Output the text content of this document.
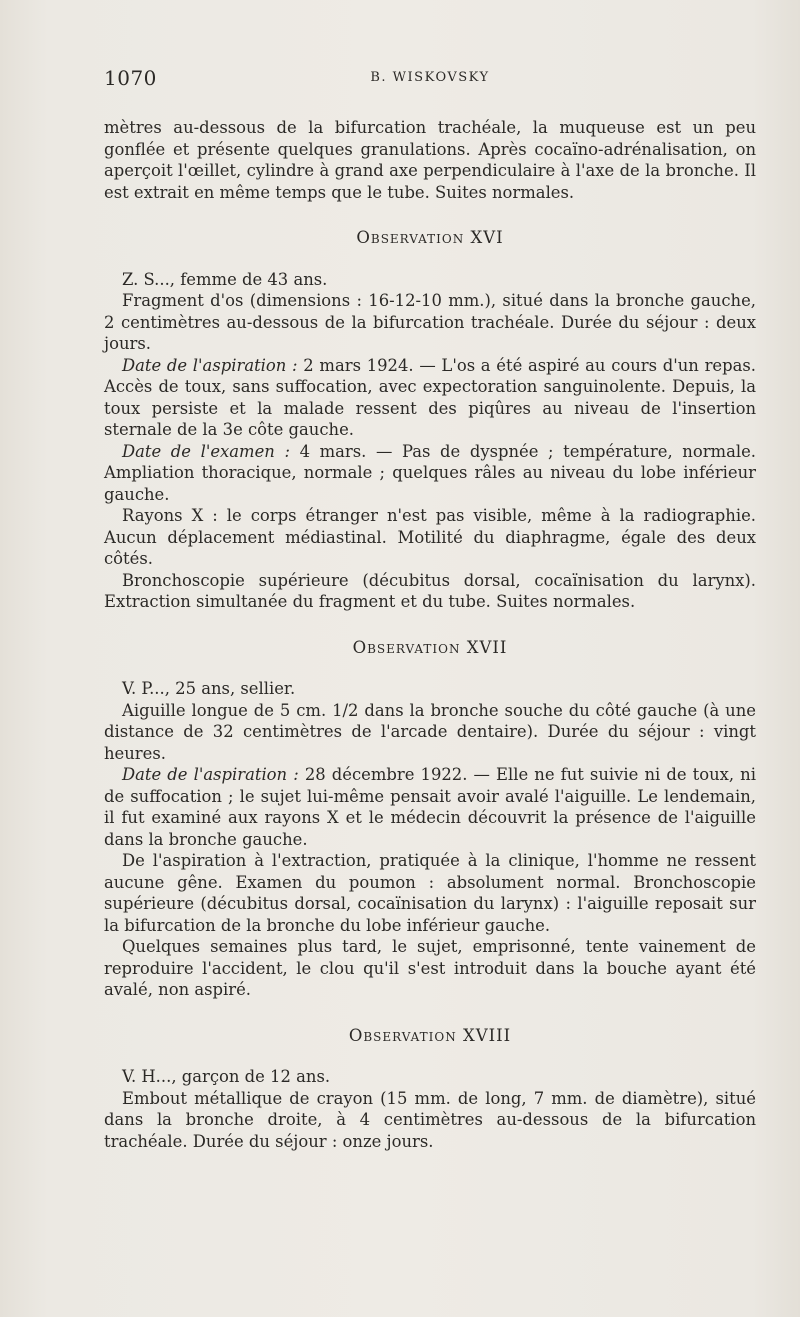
1070	B. WISKOVSKY

mètres au-dessous de la bifurcation trachéale, la muqueuse est un peu gonflée et présente quelques granulations. Après cocaïno-adrénalisation, on aperçoit l'œillet, cylindre à grand axe perpendiculaire à l'axe de la bronche. Il est extrait en même temps que le tube. Suites normales.

Observation XVI

Z. S..., femme de 43 ans.

Fragment d'os (dimensions : 16-12-10 mm.), situé dans la bronche gauche, 2 centimètres au-dessous de la bifurcation trachéale. Durée du séjour : deux jours.

Date de l'aspiration : 2 mars 1924. — L'os a été aspiré au cours d'un repas. Accès de toux, sans suffocation, avec expectoration sanguinolente. Depuis, la toux persiste et la malade ressent des piqûres au niveau de l'insertion sternale de la 3e côte gauche.

Date de l'examen : 4 mars. — Pas de dyspnée ; température, normale. Ampliation thoracique, normale ; quelques râles au niveau du lobe inférieur gauche.

Rayons X : le corps étranger n'est pas visible, même à la radiographie. Aucun déplacement médiastinal. Motilité du diaphragme, égale des deux côtés.

Bronchoscopie supérieure (décubitus dorsal, cocaïnisation du larynx). Extraction simultanée du fragment et du tube. Suites normales.

Observation XVII

V. P..., 25 ans, sellier.

Aiguille longue de 5 cm. 1/2 dans la bronche souche du côté gauche (à une distance de 32 centimètres de l'arcade dentaire). Durée du séjour : vingt heures.

Date de l'aspiration : 28 décembre 1922. — Elle ne fut suivie ni de toux, ni de suffocation ; le sujet lui-même pensait avoir avalé l'aiguille. Le lendemain, il fut examiné aux rayons X et le médecin découvrit la présence de l'aiguille dans la bronche gauche.

De l'aspiration à l'extraction, pratiquée à la clinique, l'homme ne ressent aucune gêne. Examen du poumon : absolument normal. Bronchoscopie supérieure (décubitus dorsal, cocaïnisation du larynx) : l'aiguille reposait sur la bifurcation de la bronche du lobe inférieur gauche.

Quelques semaines plus tard, le sujet, emprisonné, tente vainement de reproduire l'accident, le clou qu'il s'est introduit dans la bouche ayant été avalé, non aspiré.

Observation XVIII

V. H..., garçon de 12 ans.

Embout métallique de crayon (15 mm. de long, 7 mm. de diamètre), situé dans la bronche droite, à 4 centimètres au-dessous de la bifurcation trachéale. Durée du séjour : onze jours.
